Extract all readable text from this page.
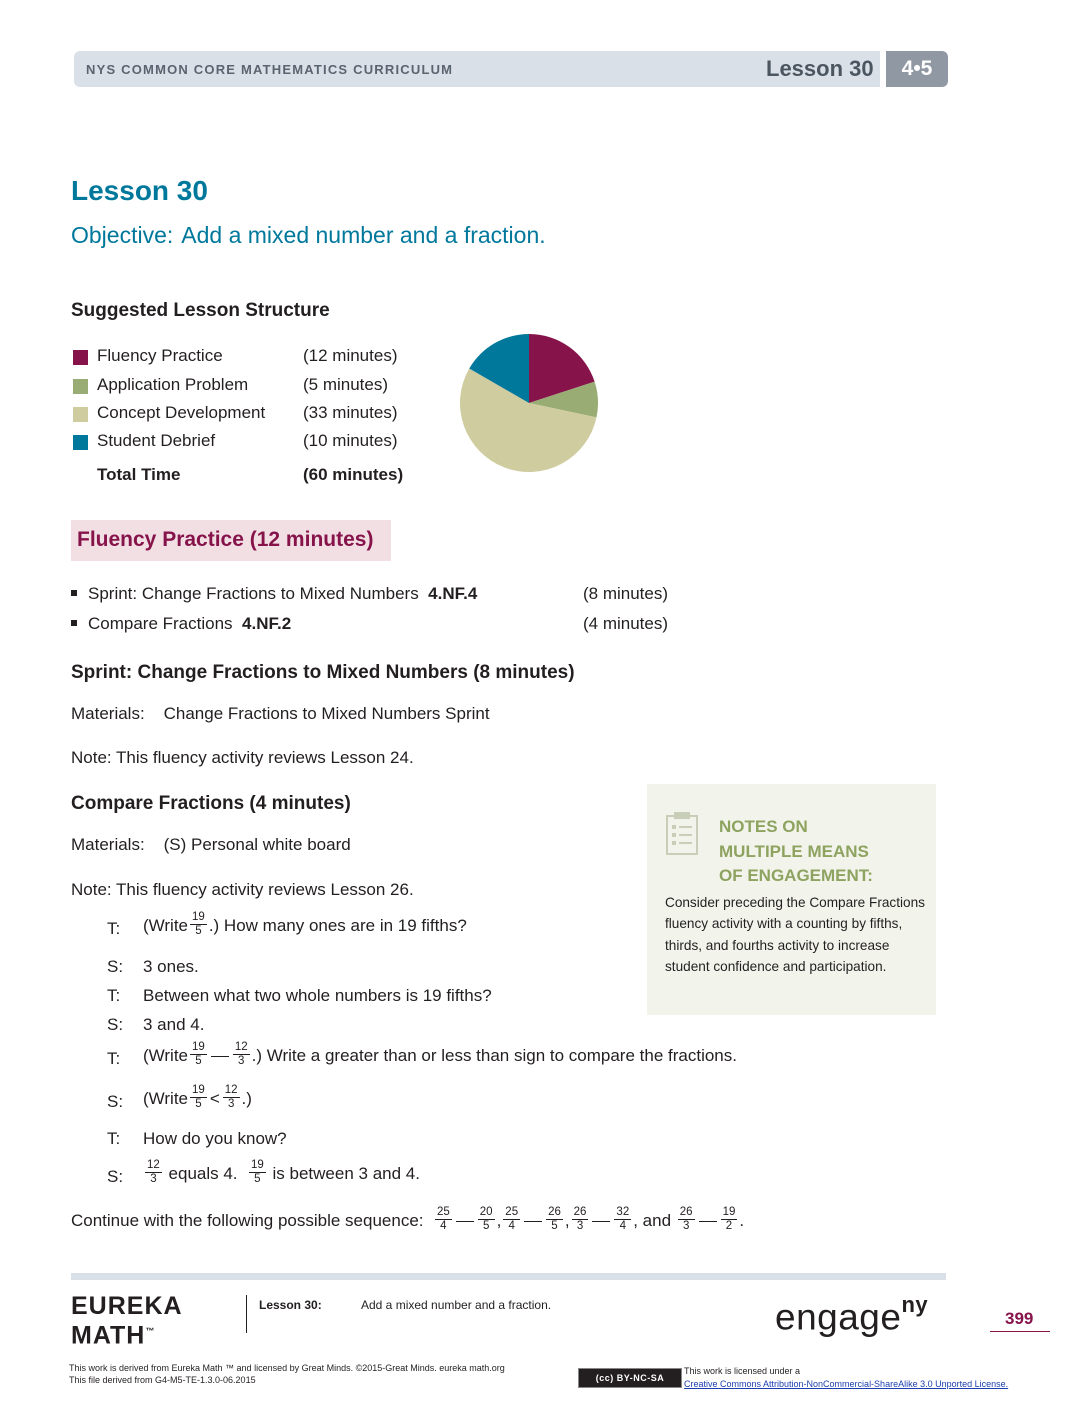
NYS COMMON CORE MATHEMATICS CURRICULUM	Lesson 30	4•5
Lesson 30
Objective: Add a mixed number and a fraction.
Suggested Lesson Structure
Fluency Practice	(12 minutes)
Application Problem	(5 minutes)
Concept Development (33 minutes)
Student Debrief	(10 minutes)
Total Time	(60 minutes)
Fluency Practice (12 minutes)
Sprint: Change Fractions to Mixed Numbers 4.NF.4	(8 minutes)
Compare Fractions 4.NF.2	(4 minutes)
Sprint: Change Fractions to Mixed Numbers (8 minutes)
Materials: Change Fractions to Mixed Numbers Sprint
Note: This fluency activity reviews Lesson 24.
Compare Fractions (4 minutes)
Materials: (S) Personal white board
Note: This fluency activity reviews Lesson 26.
NOTES ON
MULTIPLE MEANS
OF ENGAGEMENT:
Consider preceding the Compare Fractions fluency activity with a counting by fifths, thirds, and fourths activity to increase student confidence and participation.
T: (Write $\frac{19}{5}$ .) How many ones are in 19 fifths?
S: 3 ones.
T: Between what two whole numbers is 19 fifths?
S: 3 and 4.
T: (Write $\frac{19}{5} \frac{12}{3}$ .) Write a greater than or less than sign to compare the fractions.
S: (Write $\frac{19}{5} < \frac{12}{3}$ .)
T: How do you know?
S: $\frac{12}{3}$ equals 4. $\frac{19}{5}$ is between 3 and 4.
Continue with the following possible sequence: $\frac{25}{4} \frac{20}{5}$ , $\frac{25}{4} \frac{26}{5}$ , $\frac{26}{3} \frac{32}{4}$ , and $\frac{26}{3} \frac{19}{2}$ .
EUREKA
MATH™
Lesson 30:	Add a mixed number and a fraction.	engage$^{ny}$
399
This work is derived from Eureka Math ™ and licensed by Great Minds. ©2015-Great Minds. eureka math.org
This file derived from G4-M5-TE-1.3.0-06.2015	(cc) BY-NC-SA
This work is licensed under a
Creative Commons Attribution-NonCommercial-ShareAlike 3.0 Unported License.
